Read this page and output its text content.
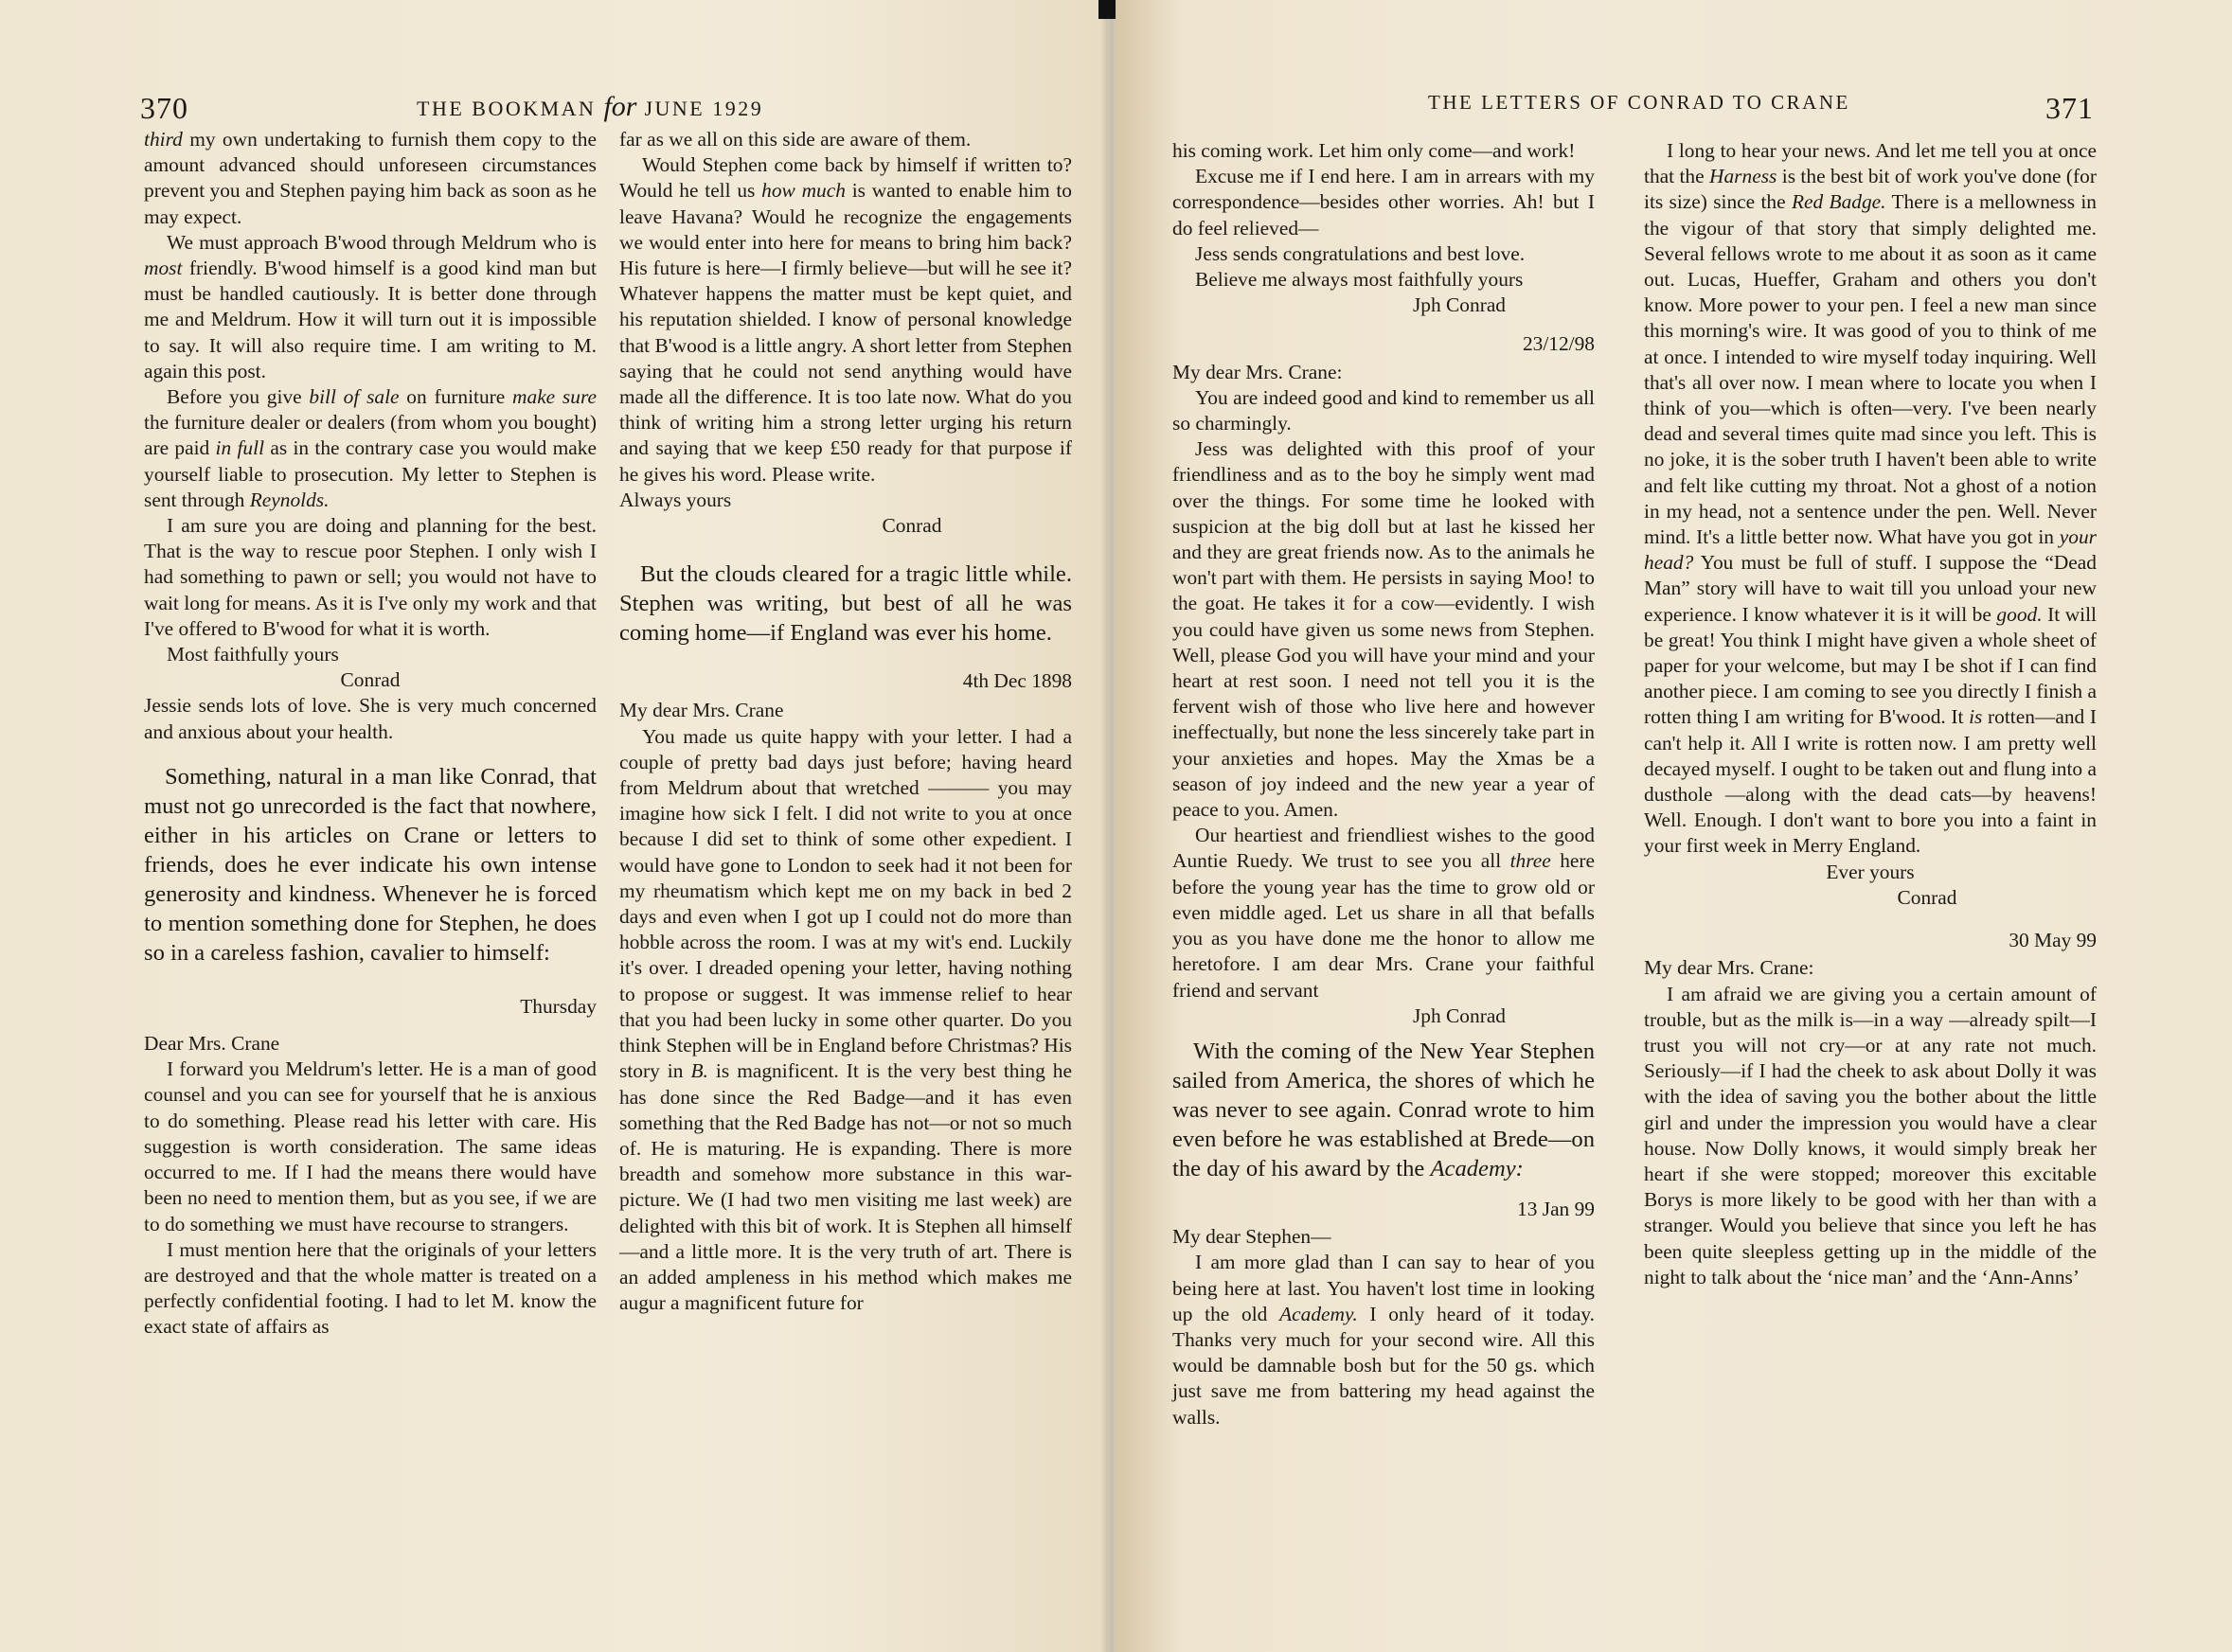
370	THE BOOKMAN for JUNE 1929

third my own undertaking to furnish them copy to the amount advanced should unforeseen circumstances prevent you and Stephen paying him back as soon as he may expect.

We must approach B'wood through Meldrum who is most friendly. B'wood himself is a good kind man but must be handled cautiously. It is better done through me and Meldrum. How it will turn out it is impossible to say. It will also require time. I am writing to M. again this post.

Before you give bill of sale on furniture make sure the furniture dealer or dealers (from whom you bought) are paid in full as in the contrary case you would make yourself liable to prosecution. My letter to Stephen is sent through Reynolds.

I am sure you are doing and planning for the best. That is the way to rescue poor Stephen. I only wish I had something to pawn or sell; you would not have to wait long for means. As it is I've only my work and that I've offered to B'wood for what it is worth.

Most faithfully yours

Conrad

Jessie sends lots of love. She is very much concerned and anxious about your health.

Something, natural in a man like Conrad, that must not go unrecorded is the fact that nowhere, either in his articles on Crane or letters to friends, does he ever indicate his own intense generosity and kindness. Whenever he is forced to mention something done for Stephen, he does so in a careless fashion, cavalier to himself:

Thursday

Dear Mrs. Crane

I forward you Meldrum's letter. He is a man of good counsel and you can see for yourself that he is anxious to do something. Please read his letter with care. His suggestion is worth consideration. The same ideas occurred to me. If I had the means there would have been no need to mention them, but as you see, if we are to do something we must have recourse to strangers.

I must mention here that the originals of your letters are destroyed and that the whole matter is treated on a perfectly confidential footing. I had to let M. know the exact state of affairs as

far as we all on this side are aware of them.

Would Stephen come back by himself if written to? Would he tell us how much is wanted to enable him to leave Havana? Would he recognize the engagements we would enter into here for means to bring him back? His future is here—I firmly believe—but will he see it? Whatever happens the matter must be kept quiet, and his reputation shielded. I know of personal knowledge that B'wood is a little angry. A short letter from Stephen saying that he could not send anything would have made all the difference. It is too late now. What do you think of writing him a strong letter urging his return and saying that we keep £50 ready for that purpose if he gives his word. Please write.

Always yours

Conrad

But the clouds cleared for a tragic little while. Stephen was writing, but best of all he was coming home—if England was ever his home.

4th Dec 1898

My dear Mrs. Crane

You made us quite happy with your letter. I had a couple of pretty bad days just before; having heard from Meldrum about that wretched ——— you may imagine how sick I felt. I did not write to you at once because I did set to think of some other expedient. I would have gone to London to seek had it not been for my rheumatism which kept me on my back in bed 2 days and even when I got up I could not do more than hobble across the room. I was at my wit's end. Luckily it's over. I dreaded opening your letter, having nothing to propose or suggest. It was immense relief to hear that you had been lucky in some other quarter. Do you think Stephen will be in England before Christmas? His story in B. is magnificent. It is the very best thing he has done since the Red Badge—and it has even something that the Red Badge has not—or not so much of. He is maturing. He is expanding. There is more breadth and somehow more substance in this war-picture. We (I had two men visiting me last week) are delighted with this bit of work. It is Stephen all himself—and a little more. It is the very truth of art. There is an added ampleness in his method which makes me augur a magnificent future for

THE LETTERS OF CONRAD TO CRANE	371

his coming work. Let him only come—and work!

Excuse me if I end here. I am in arrears with my correspondence—besides other worries. Ah! but I do feel relieved—

Jess sends congratulations and best love.

Believe me always most faithfully yours

Jph Conrad

23/12/98

My dear Mrs. Crane:

You are indeed good and kind to remember us all so charmingly.

Jess was delighted with this proof of your friendliness and as to the boy he simply went mad over the things. For some time he looked with suspicion at the big doll but at last he kissed her and they are great friends now. As to the animals he won't part with them. He persists in saying Moo! to the goat. He takes it for a cow—evidently. I wish you could have given us some news from Stephen. Well, please God you will have your mind and your heart at rest soon. I need not tell you it is the fervent wish of those who live here and however ineffectually, but none the less sincerely take part in your anxieties and hopes. May the Xmas be a season of joy indeed and the new year a year of peace to you. Amen.

Our heartiest and friendliest wishes to the good Auntie Ruedy. We trust to see you all three here before the young year has the time to grow old or even middle aged. Let us share in all that befalls you as you have done me the honor to allow me heretofore. I am dear Mrs. Crane your faithful friend and servant

Jph Conrad

With the coming of the New Year Stephen sailed from America, the shores of which he was never to see again. Conrad wrote to him even before he was established at Brede—on the day of his award by the Academy:

13 Jan 99

My dear Stephen—

I am more glad than I can say to hear of you being here at last. You haven't lost time in looking up the old Academy. I only heard of it today. Thanks very much for your second wire. All this would be damnable bosh but for the 50 gs. which just save me from battering my head against the walls.

I long to hear your news. And let me tell you at once that the Harness is the best bit of work you've done (for its size) since the Red Badge. There is a mellowness in the vigour of that story that simply delighted me. Several fellows wrote to me about it as soon as it came out. Lucas, Hueffer, Graham and others you don't know. More power to your pen. I feel a new man since this morning's wire. It was good of you to think of me at once. I intended to wire myself today inquiring. Well that's all over now. I mean where to locate you when I think of you—which is often—very. I've been nearly dead and several times quite mad since you left. This is no joke, it is the sober truth I haven't been able to write and felt like cutting my throat. Not a ghost of a notion in my head, not a sentence under the pen. Well. Never mind. It's a little better now. What have you got in your head? You must be full of stuff. I suppose the “Dead Man” story will have to wait till you unload your new experience. I know whatever it is it will be good. It will be great! You think I might have given a whole sheet of paper for your welcome, but may I be shot if I can find another piece. I am coming to see you directly I finish a rotten thing I am writing for B'wood. It is rotten—and I can't help it. All I write is rotten now. I am pretty well decayed myself. I ought to be taken out and flung into a dusthole —along with the dead cats—by heavens! Well. Enough. I don't want to bore you into a faint in your first week in Merry England.

Ever yours

Conrad

30 May 99

My dear Mrs. Crane:

I am afraid we are giving you a certain amount of trouble, but as the milk is—in a way —already spilt—I trust you will not cry—or at any rate not much. Seriously—if I had the cheek to ask about Dolly it was with the idea of saving you the bother about the little girl and under the impression you would have a clear house. Now Dolly knows, it would simply break her heart if she were stopped; moreover this excitable Borys is more likely to be good with her than with a stranger. Would you believe that since you left he has been quite sleepless getting up in the middle of the night to talk about the ‘nice man’ and the ‘Ann-Anns’
